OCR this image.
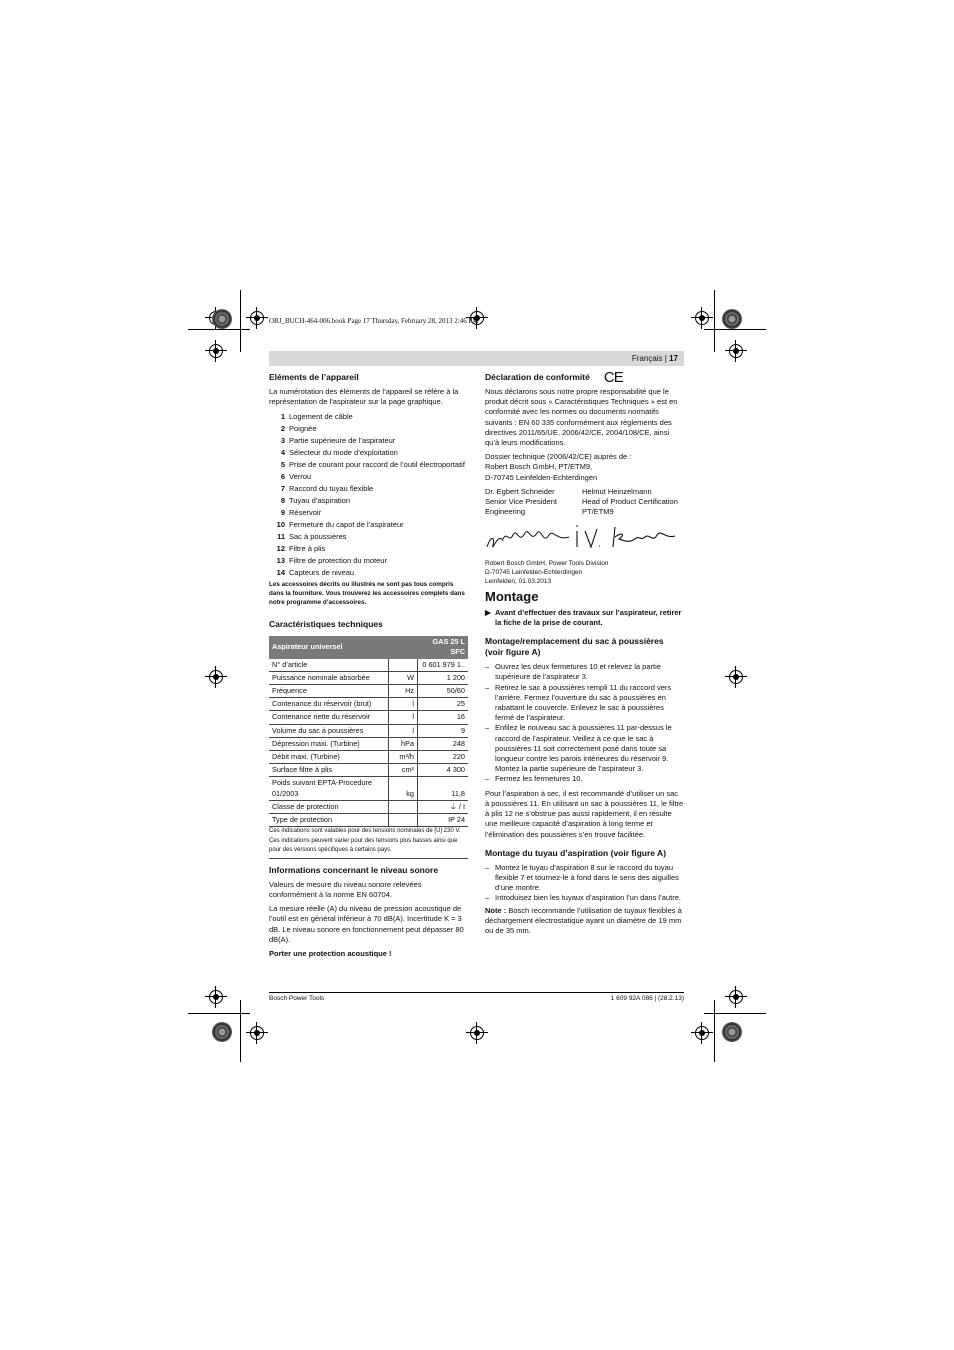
OBJ_BUCH-464-006.book Page 17 Thursday, February 28, 2013 2:46 PM
Français | 17
Eléments de l’appareil

La numérotation des éléments de l’appareil se réfère à la représentation de l’aspirateur sur la page graphique.

1 Logement de câble
2 Poignée
3 Partie supérieure de l’aspirateur
4 Sélecteur du mode d’exploitation
5 Prise de courant pour raccord de l’outil électroportatif
6 Verrou
7 Raccord du tuyau flexible
8 Tuyau d’aspiration
9 Réservoir
10 Fermeture du capot de l’aspirateur
11 Sac à poussières
12 Filtre à plis
13 Filtre de protection du moteur
14 Capteurs de niveau

Les accessoires décrits ou illustrés ne sont pas tous compris dans la fourniture. Vous trouverez les accessoires complets dans notre programme d’accessoires.

Caractéristiques techniques
Aspirateur universel		GAS 25 L SFC
N° d’article		0 601 979 1..
Puissance nominale absorbée	W	1 200
Fréquence	Hz	50/60
Contenance du réservoir (brut)	l	25
Contenance nette du réservoir	l	16
Volume du sac à poussières	l	9
Dépression maxi. (Turbine)	hPa	248
Débit maxi. (Turbine)	m³/h	220
Surface filtre à plis	cm²	4 300
Poids suivant EPTA-Procedure 01/2003	kg	11,8
Classe de protection		⏚ / I
Type de protection		IP 24
Ces indications sont valables pour des tensions nominales de [U] 230 V. Ces indications peuvent varier pour des tensions plus basses ainsi que pour des versions spécifiques à certains pays.
Informations concernant le niveau sonore

Valeurs de mesure du niveau sonore relevées conformément à la norme EN 60704.

La mesure réelle (A) du niveau de pression acoustique de l’outil est en général inférieur à 70 dB(A). Incertitude K = 3 dB. Le niveau sonore en fonctionnement peut dépasser 80 dB(A).

Porter une protection acoustique !

Déclaration de conformité CE

Nous déclarons sous notre propre responsabilité que le produit décrit sous « Caractéristiques Techniques » est en conformité avec les normes ou documents normatifs suivants : EN 60 335 conformément aux règlements des directives 2011/65/UE, 2006/42/CE, 2004/108/CE, ainsi qu’à leurs modifications.

Dossier technique (2006/42/CE) auprès de :

Robert Bosch GmbH, PT/ETM9,

D-70745 Leinfelden-Echterdingen

Dr. Egbert Schneider	Helmut Heinzelmann
Senior Vice President	Head of Product Certification
Engineering	PT/ETM9

Robert Bosch GmbH, Power Tools Division

D-70745 Leinfelden-Echterdingen

Leinfelden, 01.03.2013

Montage
▶ Avant d’effectuer des travaux sur l’aspirateur, retirer la fiche de la prise de courant.
Montage/remplacement du sac à poussières (voir figure A)
– Ouvrez les deux fermetures 10 et relevez la partie supérieure de l’aspirateur 3.
– Retirez le sac à poussières rempli 11 du raccord vers l’arrière. Fermez l’ouverture du sac à poussières en rabattant le couvercle. Enlevez le sac à poussières fermé de l’aspirateur.
– Enfilez le nouveau sac à poussières 11 par-dessus le raccord de l’aspirateur. Veillez à ce que le sac à poussières 11 soit correctement posé dans toute sa longueur contre les parois intérieures du réservoir 9. Montez la partie supérieure de l’aspirateur 3.
– Fermez les fermetures 10.

Pour l’aspiration à sec, il est recommandé d’utiliser un sac à poussières 11. En utilisant un sac à poussières 11, le filtre à plis 12 ne s’obstrue pas aussi rapidement, il en résulte une meilleure capacité d’aspiration à long terme et l’élimination des poussières s’en trouve facilitée.

Montage du tuyau d’aspiration (voir figure A)
– Montez le tuyau d’aspiration 8 sur le raccord du tuyau flexible 7 et tournez-le à fond dans le sens des aiguilles d’une montre.
– Introduisez bien les tuyaux d’aspiration l’un dans l’autre.

Note : Bosch recommande l’utilisation de tuyaux flexibles à déchargement électrostatique ayant un diamètre de 19 mm ou de 35 mm.

Bosch Power Tools	1 609 92A 086 | (28.2.13)
